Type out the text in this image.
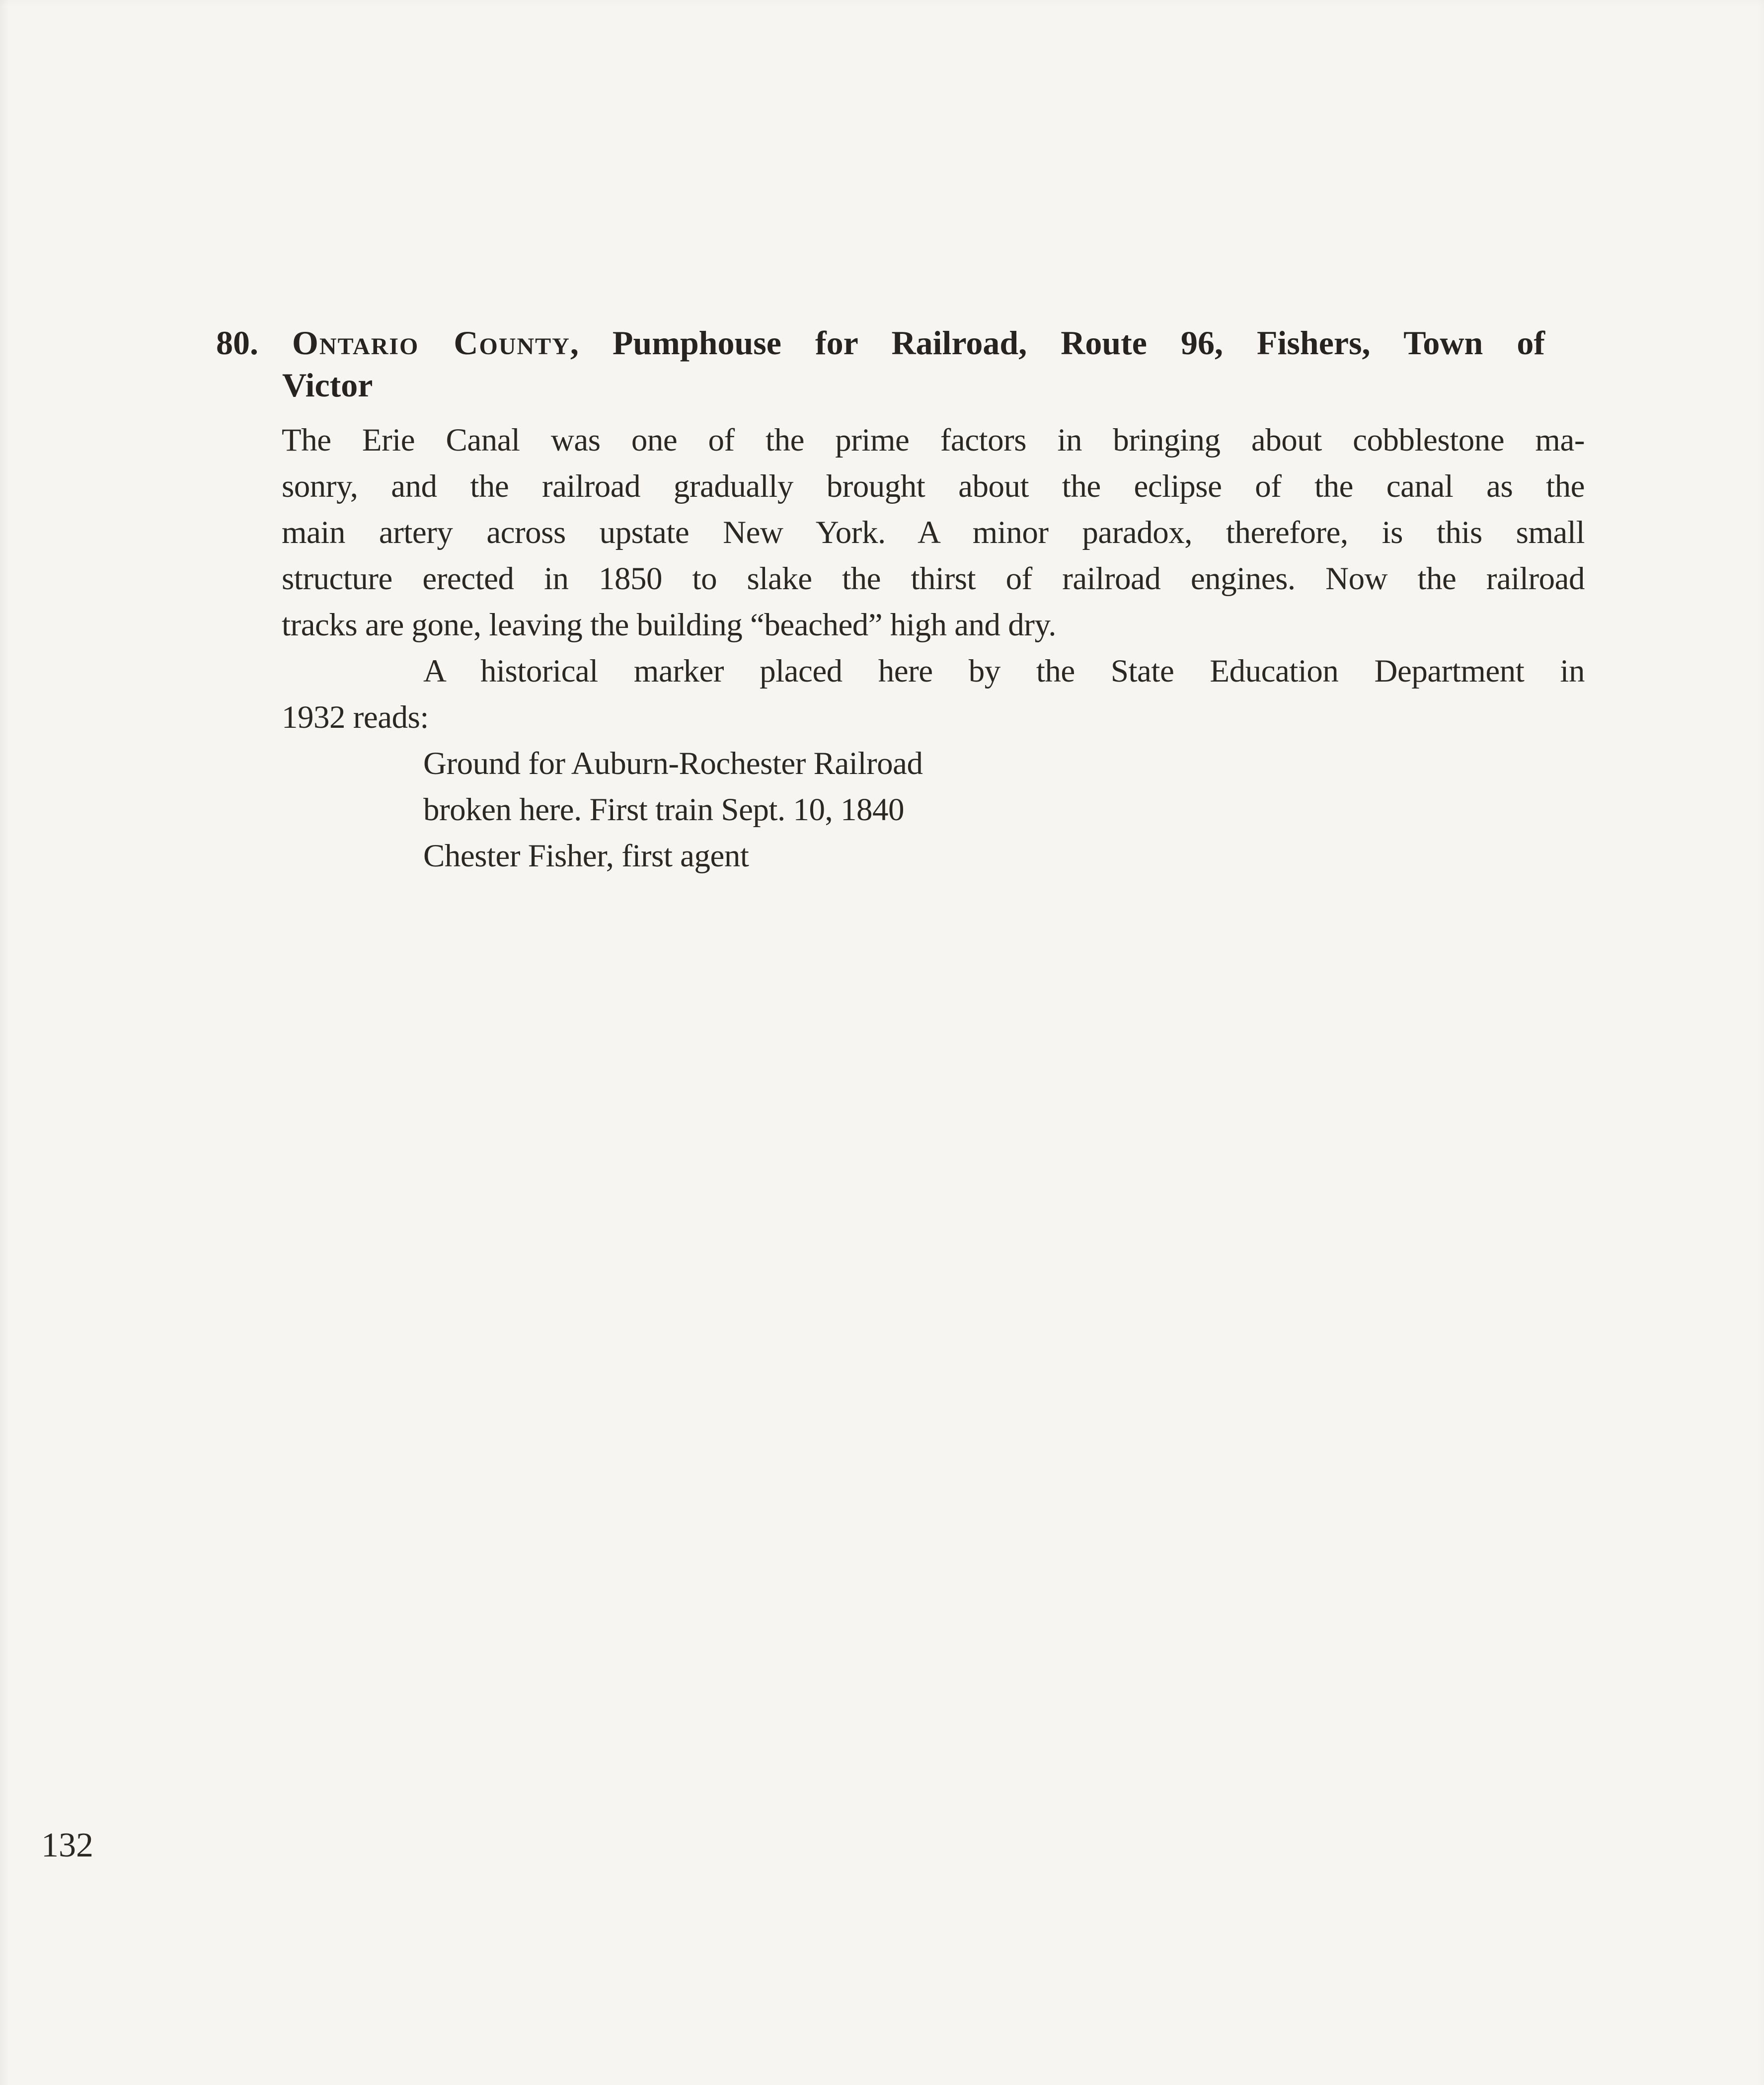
80. Ontario County, Pumphouse for Railroad, Route 96, Fishers, Town of
Victor
The Erie Canal was one of the prime factors in bringing about cobblestone ma-
sonry, and the railroad gradually brought about the eclipse of the canal as the
main artery across upstate New York. A minor paradox, therefore, is this small
structure erected in 1850 to slake the thirst of railroad engines. Now the railroad
tracks are gone, leaving the building “beached” high and dry.
A historical marker placed here by the State Education Department in
1932 reads:
Ground for Auburn-Rochester Railroad
broken here. First train Sept. 10, 1840
Chester Fisher, first agent
132
